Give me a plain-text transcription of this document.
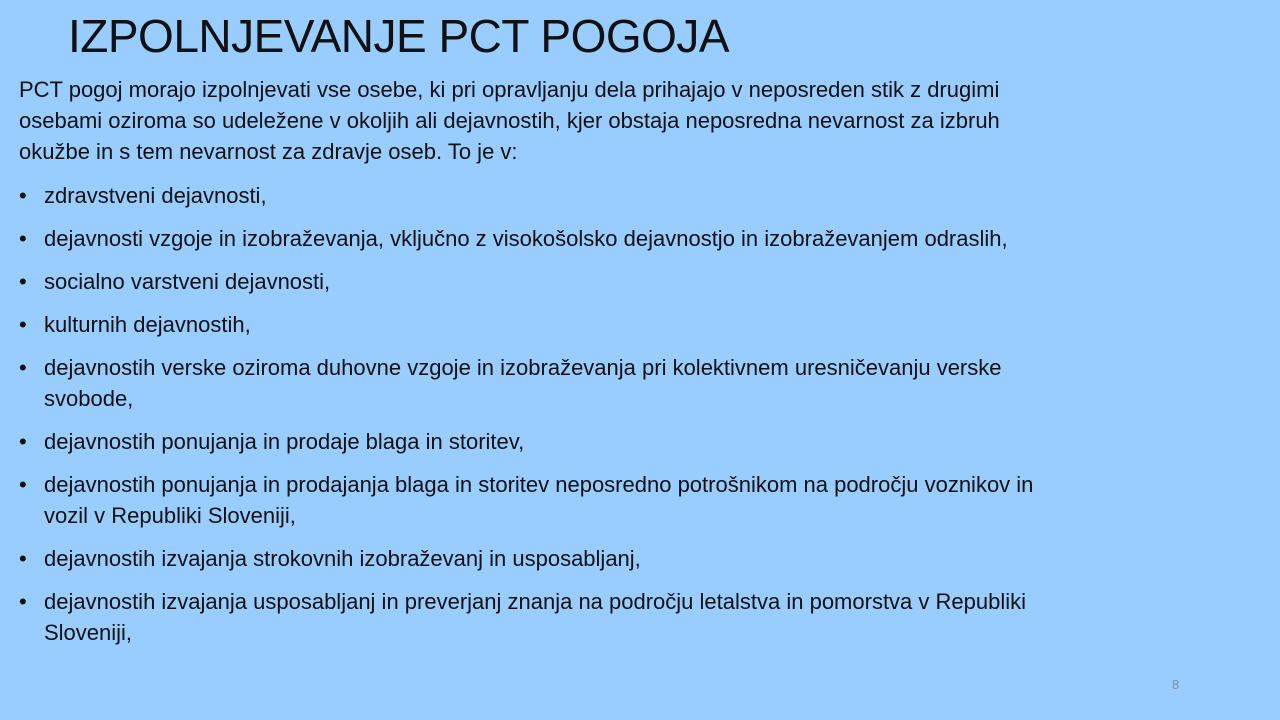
IZPOLNJEVANJE PCT POGOJA

PCT pogoj morajo izpolnjevati vse osebe, ki pri opravljanju dela prihajajo v neposreden stik z drugimi osebami oziroma so udeležene v okoljih ali dejavnostih, kjer obstaja neposredna nevarnost za izbruh okužbe in s tem nevarnost za zdravje oseb. To je v:

• zdravstveni dejavnosti,
• dejavnosti vzgoje in izobraževanja, vključno z visokošolsko dejavnostjo in izobraževanjem odraslih,
• socialno varstveni dejavnosti,
• kulturnih dejavnostih,
• dejavnostih verske oziroma duhovne vzgoje in izobraževanja pri kolektivnem uresničevanju verske svobode,
• dejavnostih ponujanja in prodaje blaga in storitev,
• dejavnostih ponujanja in prodajanja blaga in storitev neposredno potrošnikom na področju voznikov in vozil v Republiki Sloveniji,
• dejavnostih izvajanja strokovnih izobraževanj in usposabljanj,
• dejavnostih izvajanja usposabljanj in preverjanj znanja na področju letalstva in pomorstva v Republiki Sloveniji,
8
